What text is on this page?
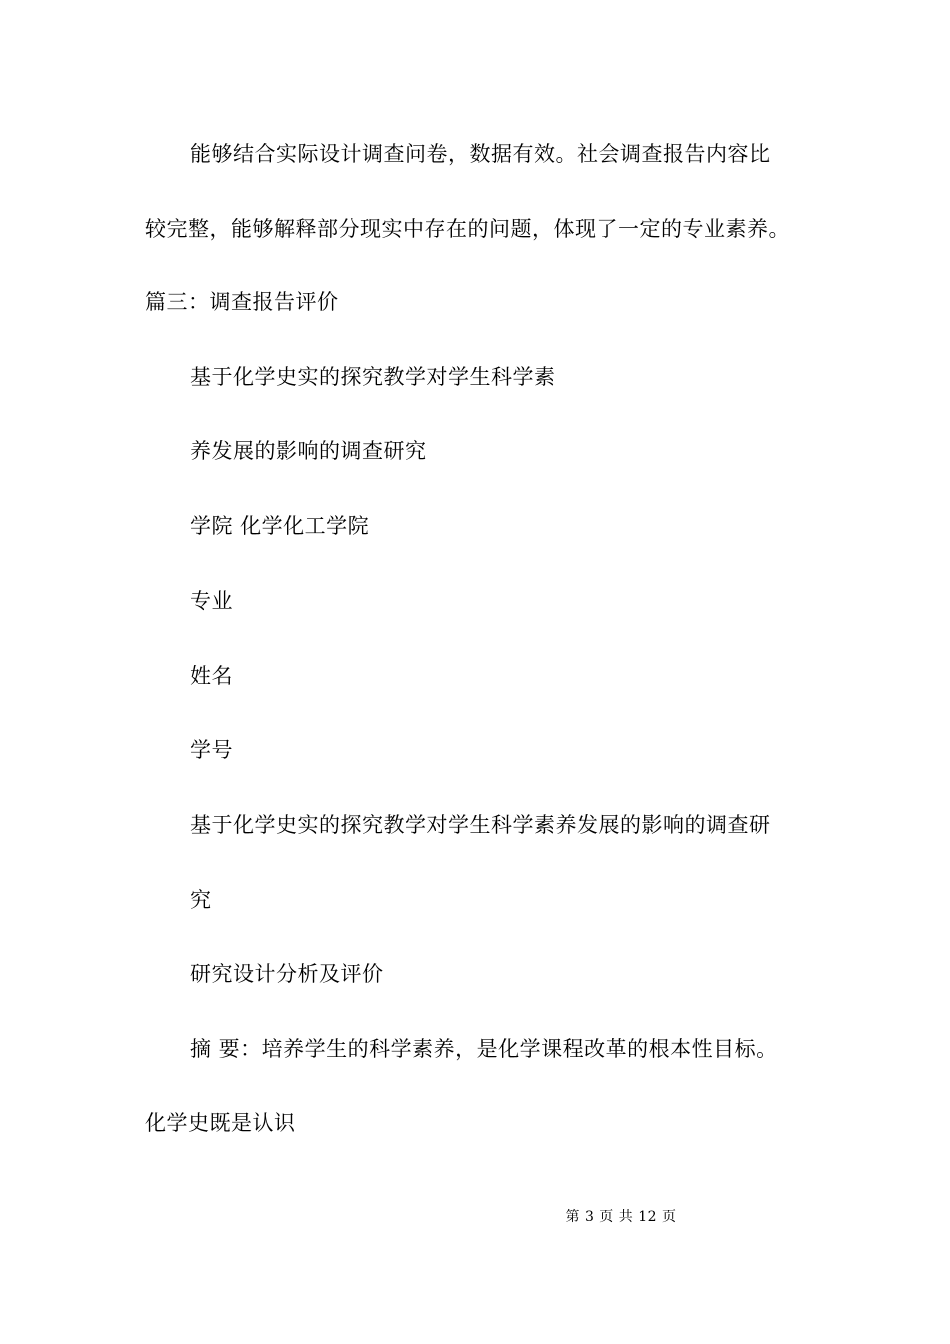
能够结合实际设计调查问卷，数据有效。社会调查报告内容比
较完整，能够解释部分现实中存在的问题，体现了一定的专业素养。
篇三：调查报告评价
基于化学史实的探究教学对学生科学素
养发展的影响的调查研究
学院 化学化工学院
专业
姓名
学号
基于化学史实的探究教学对学生科学素养发展的影响的调查研
究
研究设计分析及评价
摘 要：培养学生的科学素养，是化学课程改革的根本性目标。
化学史既是认识
第 3 页 共 12 页
